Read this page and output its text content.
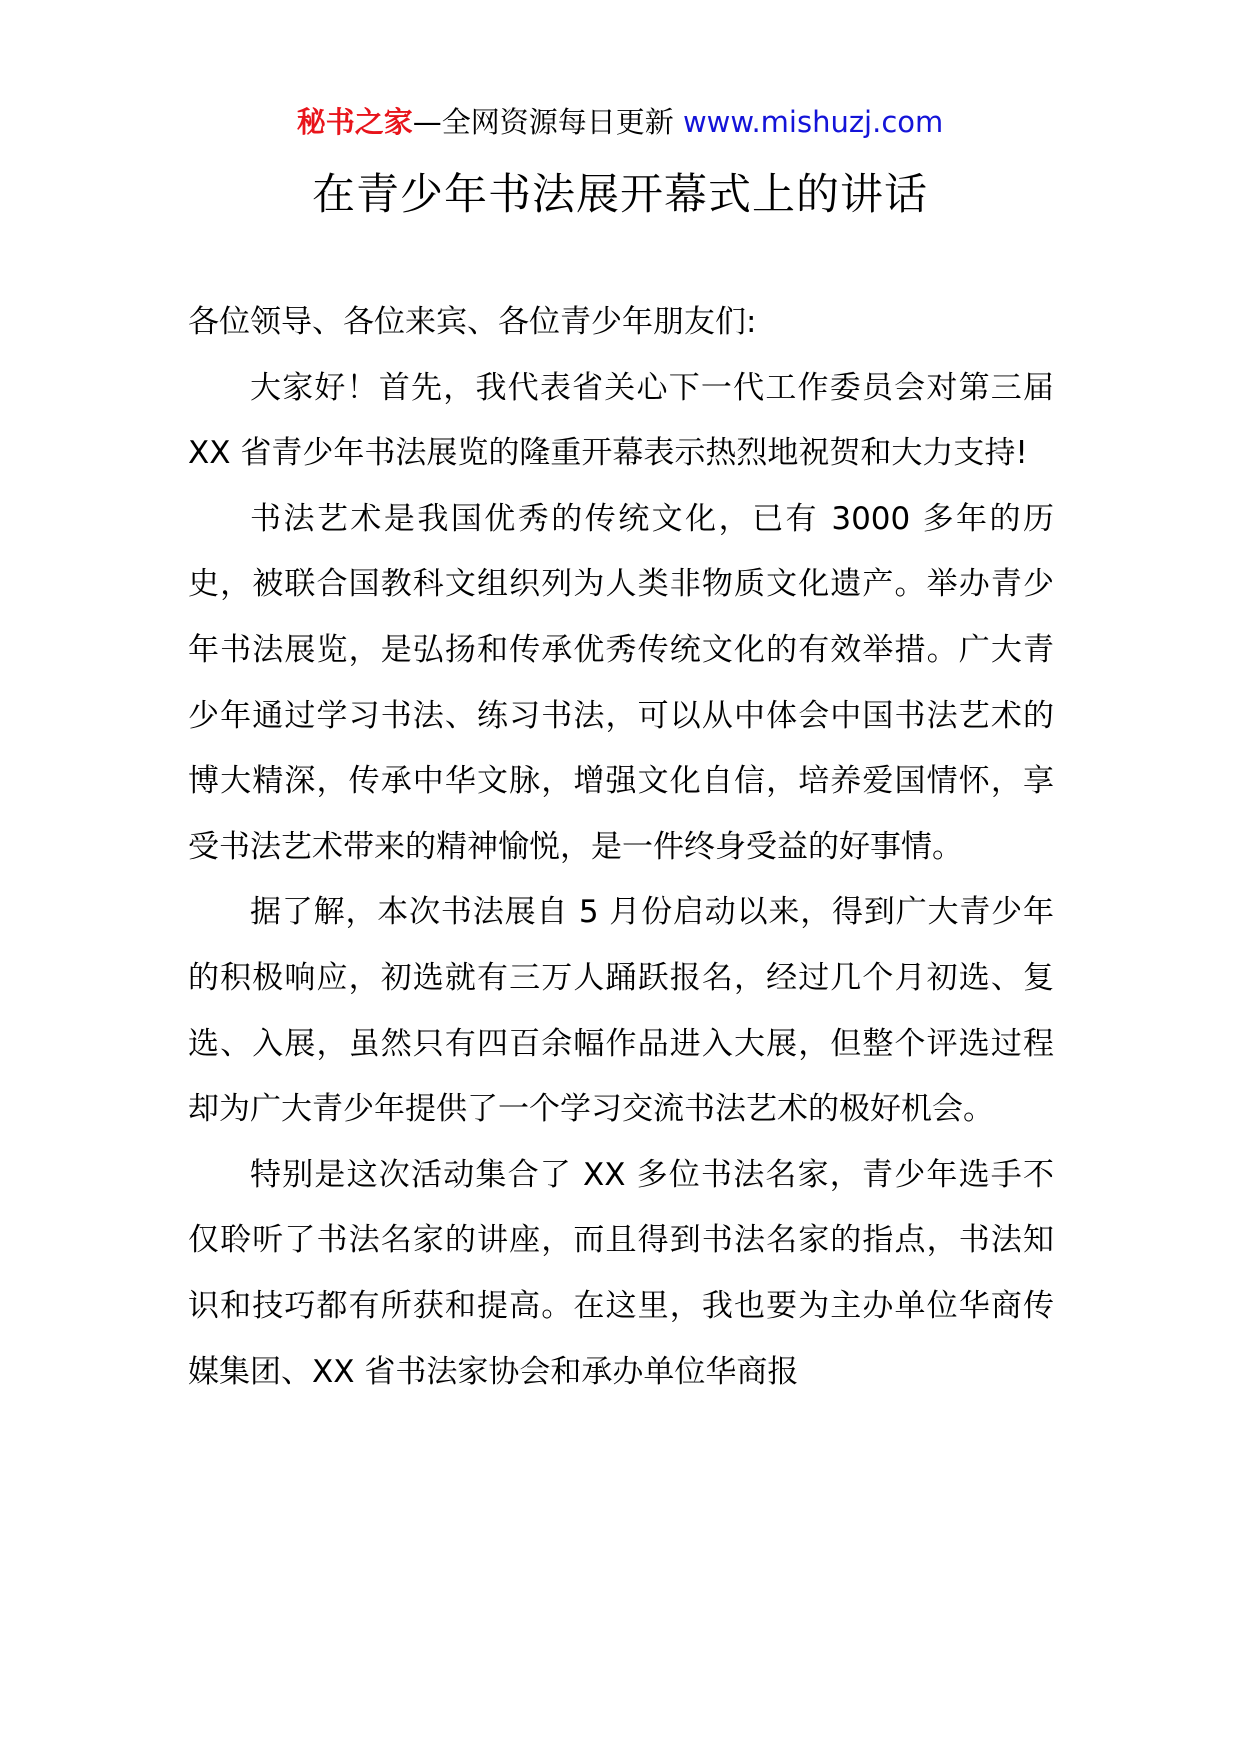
秘书之家—全网资源每日更新 www.mishuzj.com
在青少年书法展开幕式上的讲话

各位领导、各位来宾、各位青少年朋友们:

大家好！首先，我代表省关心下一代工作委员会对第三届 XX 省青少年书法展览的隆重开幕表示热烈地祝贺和大力支持!

书法艺术是我国优秀的传统文化，已有 3000 多年的历史，被联合国教科文组织列为人类非物质文化遗产。举办青少年书法展览，是弘扬和传承优秀传统文化的有效举措。广大青少年通过学习书法、练习书法，可以从中体会中国书法艺术的博大精深，传承中华文脉，增强文化自信，培养爱国情怀，享受书法艺术带来的精神愉悦，是一件终身受益的好事情。

据了解，本次书法展自 5 月份启动以来，得到广大青少年的积极响应，初选就有三万人踊跃报名，经过几个月初选、复选、入展，虽然只有四百余幅作品进入大展，但整个评选过程却为广大青少年提供了一个学习交流书法艺术的极好机会。

特别是这次活动集合了 XX 多位书法名家，青少年选手不仅聆听了书法名家的讲座，而且得到书法名家的指点，书法知识和技巧都有所获和提高。在这里，我也要为主办单位华商传媒集团、XX 省书法家协会和承办单位华商报
